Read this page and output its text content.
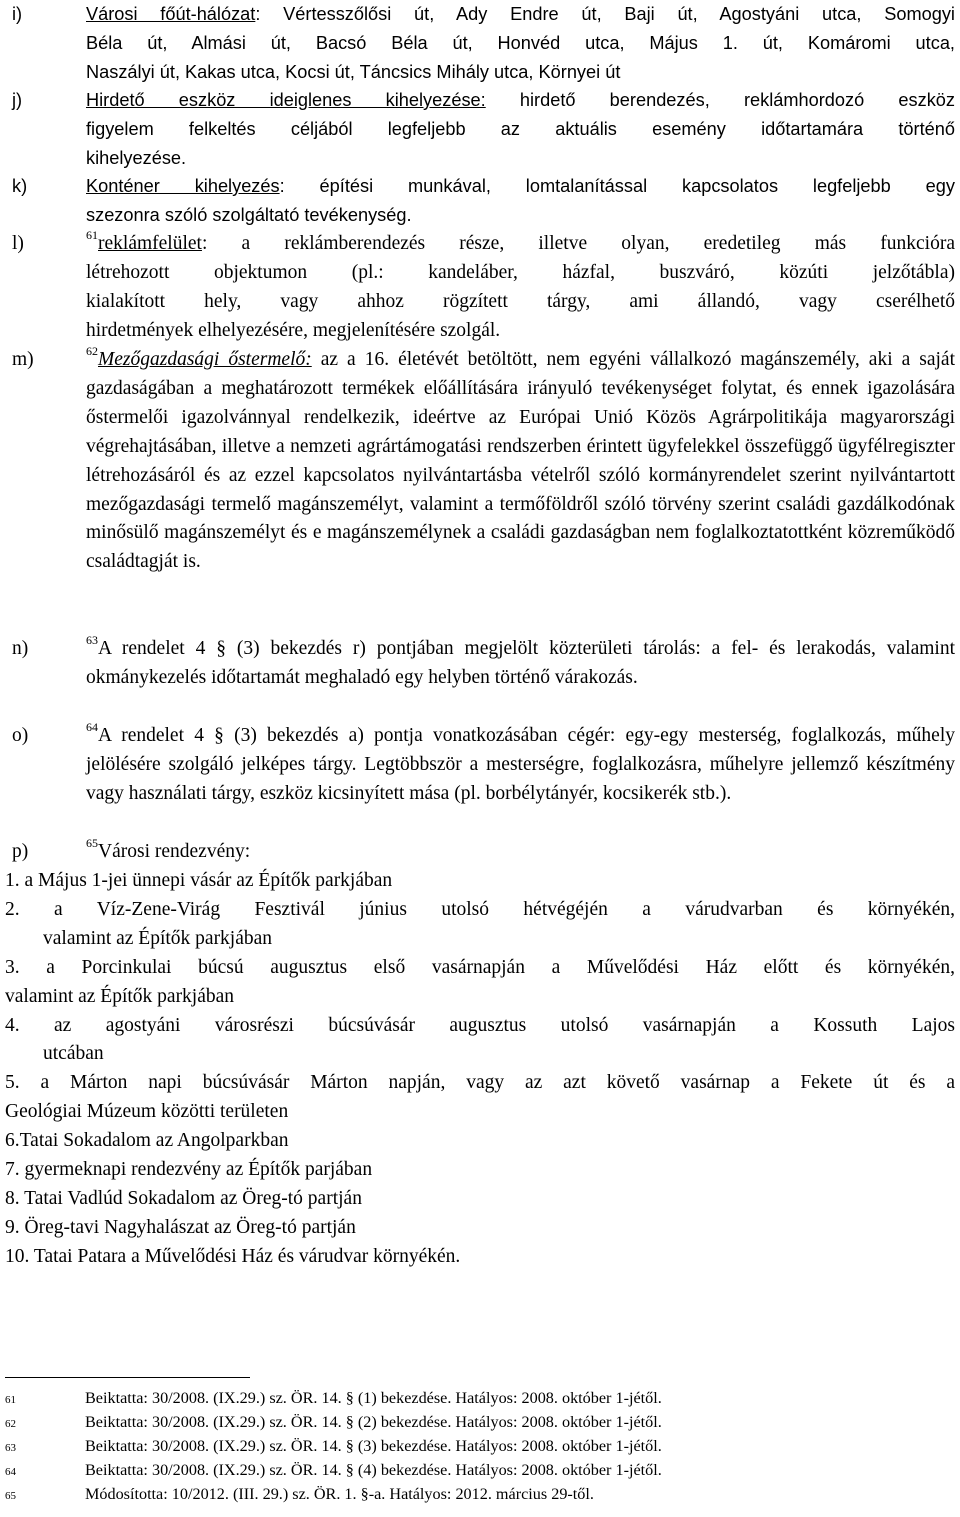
i)	Városi főút-hálózat: Vértesszőlősi út, Ady Endre út, Baji út, Agostyáni utca, Somogyi
Béla út, Almási út, Bacsó Béla út, Honvéd utca, Május 1. út, Komáromi utca,
Naszályi út, Kakas utca, Kocsi út, Táncsics Mihály utca, Környei út
j)	Hirdető eszköz ideiglenes kihelyezése: hirdető berendezés, reklámhordozó eszköz
figyelem felkeltés céljából legfeljebb az aktuális esemény időtartamára történő
kihelyezése.
k)	Konténer kihelyezés: építési munkával, lomtalanítással kapcsolatos legfeljebb egy
szezonra szóló szolgáltató tevékenység.
l)	$^{61}$reklámfelület: a reklámberendezés része, illetve olyan, eredetileg más funkcióra
létrehozott objektumon (pl.: kandeláber, házfal, buszváró, közúti jelzőtábla)
kialakított hely, vagy ahhoz rögzített tárgy, ami állandó, vagy cserélhető
hirdetmények elhelyezésére, megjelenítésére szolgál.
m)	$^{62}$Mezőgazdasági őstermelő: az a 16. életévét betöltött, nem egyéni vállalkozó magánszemély, aki a saját gazdaságában a meghatározott termékek előállítására irányuló tevékenységet folytat, és ennek igazolására őstermelői igazolvánnyal rendelkezik, ideértve az Európai Unió Közös Agrárpolitikája magyarországi végrehajtásában, illetve a nemzeti agrártámogatási rendszerben érintett ügyfelekkel összefüggő ügyfélregiszter létrehozásáról és az ezzel kapcsolatos nyilvántartásba vételről szóló kormányrendelet szerint nyilvántartott mezőgazdasági termelő magánszemélyt, valamint a termőföldről szóló törvény szerint családi gazdálkodónak minősülő magánszemélyt és e magánszemélynek a családi gazdaságban nem foglalkoztatottként közreműködő családtagját is.
n)	$^{63}$A rendelet 4 § (3) bekezdés r) pontjában megjelölt közterületi tárolás: a fel- és lerakodás, valamint okmánykezelés időtartamát meghaladó egy helyben történő várakozás.
o)	$^{64}$A rendelet 4 § (3) bekezdés a) pontja vonatkozásában cégér: egy-egy mesterség, foglalkozás, műhely jelölésére szolgáló jelképes tárgy. Legtöbbször a mesterségre, foglalkozásra, műhelyre jellemző készítmény vagy használati tárgy, eszköz kicsinyített mása (pl. borbélytányér, kocsikerék stb.).
p)	$^{65}$Városi rendezvény:
1. a Május 1-jei ünnepi vásár az Építők parkjában
2. a Víz-Zene-Virág Fesztivál június utolsó hétvégéjén a várudvarban és környékén,
valamint az Építők parkjában
3. a Porcinkulai búcsú augusztus első vasárnapján a Művelődési Ház előtt és környékén,
valamint az Építők parkjában
4. az agostyáni városrészi búcsúvásár augusztus utolsó vasárnapján a Kossuth Lajos
utcában
5. a Márton napi búcsúvásár Márton napján, vagy az azt követő vasárnap a Fekete út és a
Geológiai Múzeum közötti területen
6.Tatai Sokadalom az Angolparkban
7. gyermeknapi rendezvény az Építők parjában
8. Tatai Vadlúd Sokadalom az Öreg-tó partján
9. Öreg-tavi Nagyhalászat az Öreg-tó partján
10. Tatai Patara a Művelődési Ház és várudvar környékén.
61	Beiktatta: 30/2008. (IX.29.) sz. ÖR. 14. § (1) bekezdése. Hatályos: 2008. október 1-jétől.
62	Beiktatta: 30/2008. (IX.29.) sz. ÖR. 14. § (2) bekezdése. Hatályos: 2008. október 1-jétől.
63	Beiktatta: 30/2008. (IX.29.) sz. ÖR. 14. § (3) bekezdése. Hatályos: 2008. október 1-jétől.
64	Beiktatta: 30/2008. (IX.29.) sz. ÖR. 14. § (4) bekezdése. Hatályos: 2008. október 1-jétől.
65	Módosította: 10/2012. (III. 29.) sz. ÖR. 1. §-a. Hatályos: 2012. március 29-től.
